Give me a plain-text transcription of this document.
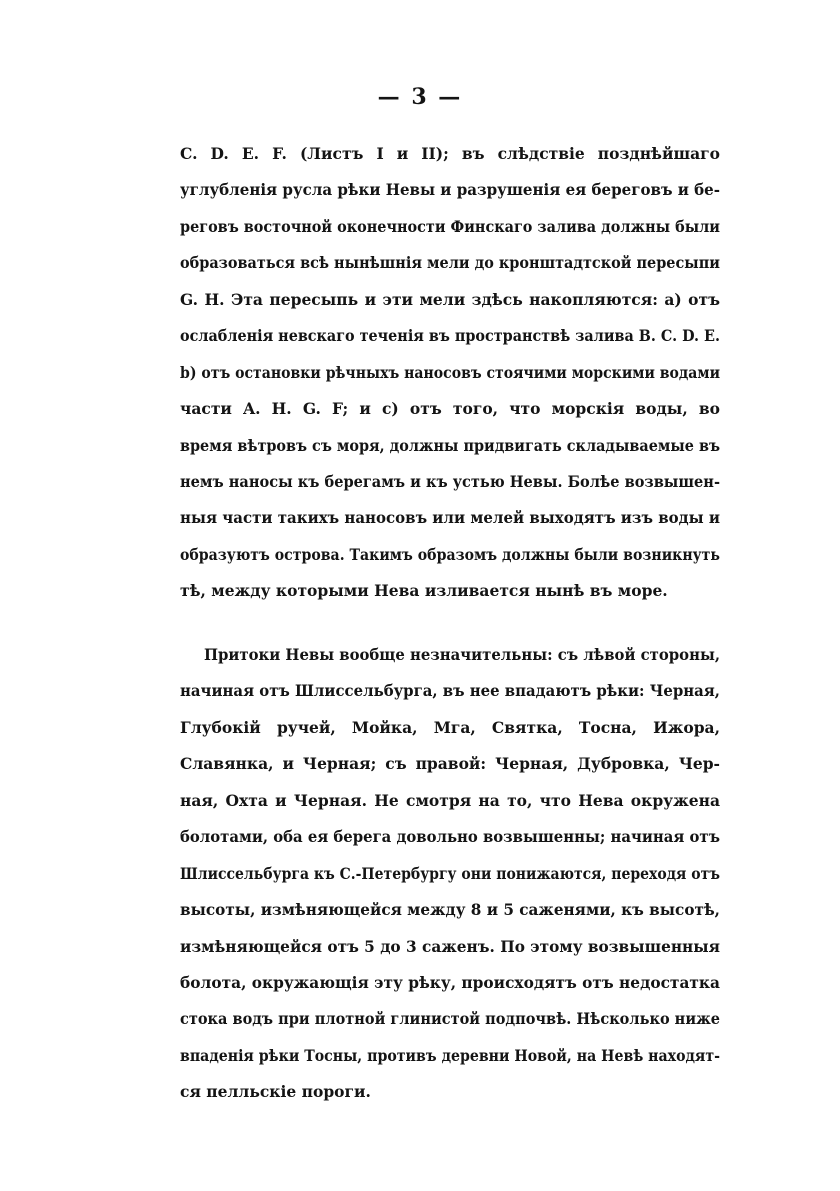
— 3 —
C. D. E. F. (Листъ I и II); въ слѣдствіе позднѣйшаго
углубленія русла рѣки Невы и разрушенія ея береговъ и бе-
реговъ восточной оконечности Финскаго залива должны были
образоваться всѣ нынѣшнія мели до кронштадтской пересыпи
G. H. Эта пересыпь и эти мели здѣсь накопляются: а) отъ
ослабленія невскаго теченія въ пространствѣ залива B. C. D. E.
b) отъ остановки рѣчныхъ наносовъ стоячими морскими водами
части A. H. G. F; и c) отъ того, что морскія воды, во
время вѣтровъ съ моря, должны придвигать складываемые въ
немъ наносы къ берегамъ и къ устью Невы. Болѣе возвышен-
ныя части такихъ наносовъ или мелей выходятъ изъ воды и
образуютъ острова. Такимъ образомъ должны были возникнуть
тѣ, между которыми Нева изливается нынѣ въ море.
Притоки Невы вообще незначительны: съ лѣвой стороны,
начиная отъ Шлиссельбурга, въ нее впадаютъ рѣки: Черная,
Глубокій ручей, Мойка, Мга, Святка, Тосна, Ижора,
Славянка, и Черная; съ правой: Черная, Дубровка, Чер-
ная, Охта и Черная. Не смотря на то, что Нева окружена
болотами, оба ея берега довольно возвышенны; начиная отъ
Шлиссельбурга къ С.-Петербургу они понижаются, переходя отъ
высоты, измѣняющейся между 8 и 5 саженями, къ высотѣ,
измѣняющейся отъ 5 до 3 саженъ. По этому возвышенныя
болота, окружающія эту рѣку, происходятъ отъ недостатка
стока водъ при плотной глинистой подпочвѣ. Нѣсколько ниже
впаденія рѣки Тосны, противъ деревни Новой, на Невѣ находят-
ся пелльскіе пороги.
